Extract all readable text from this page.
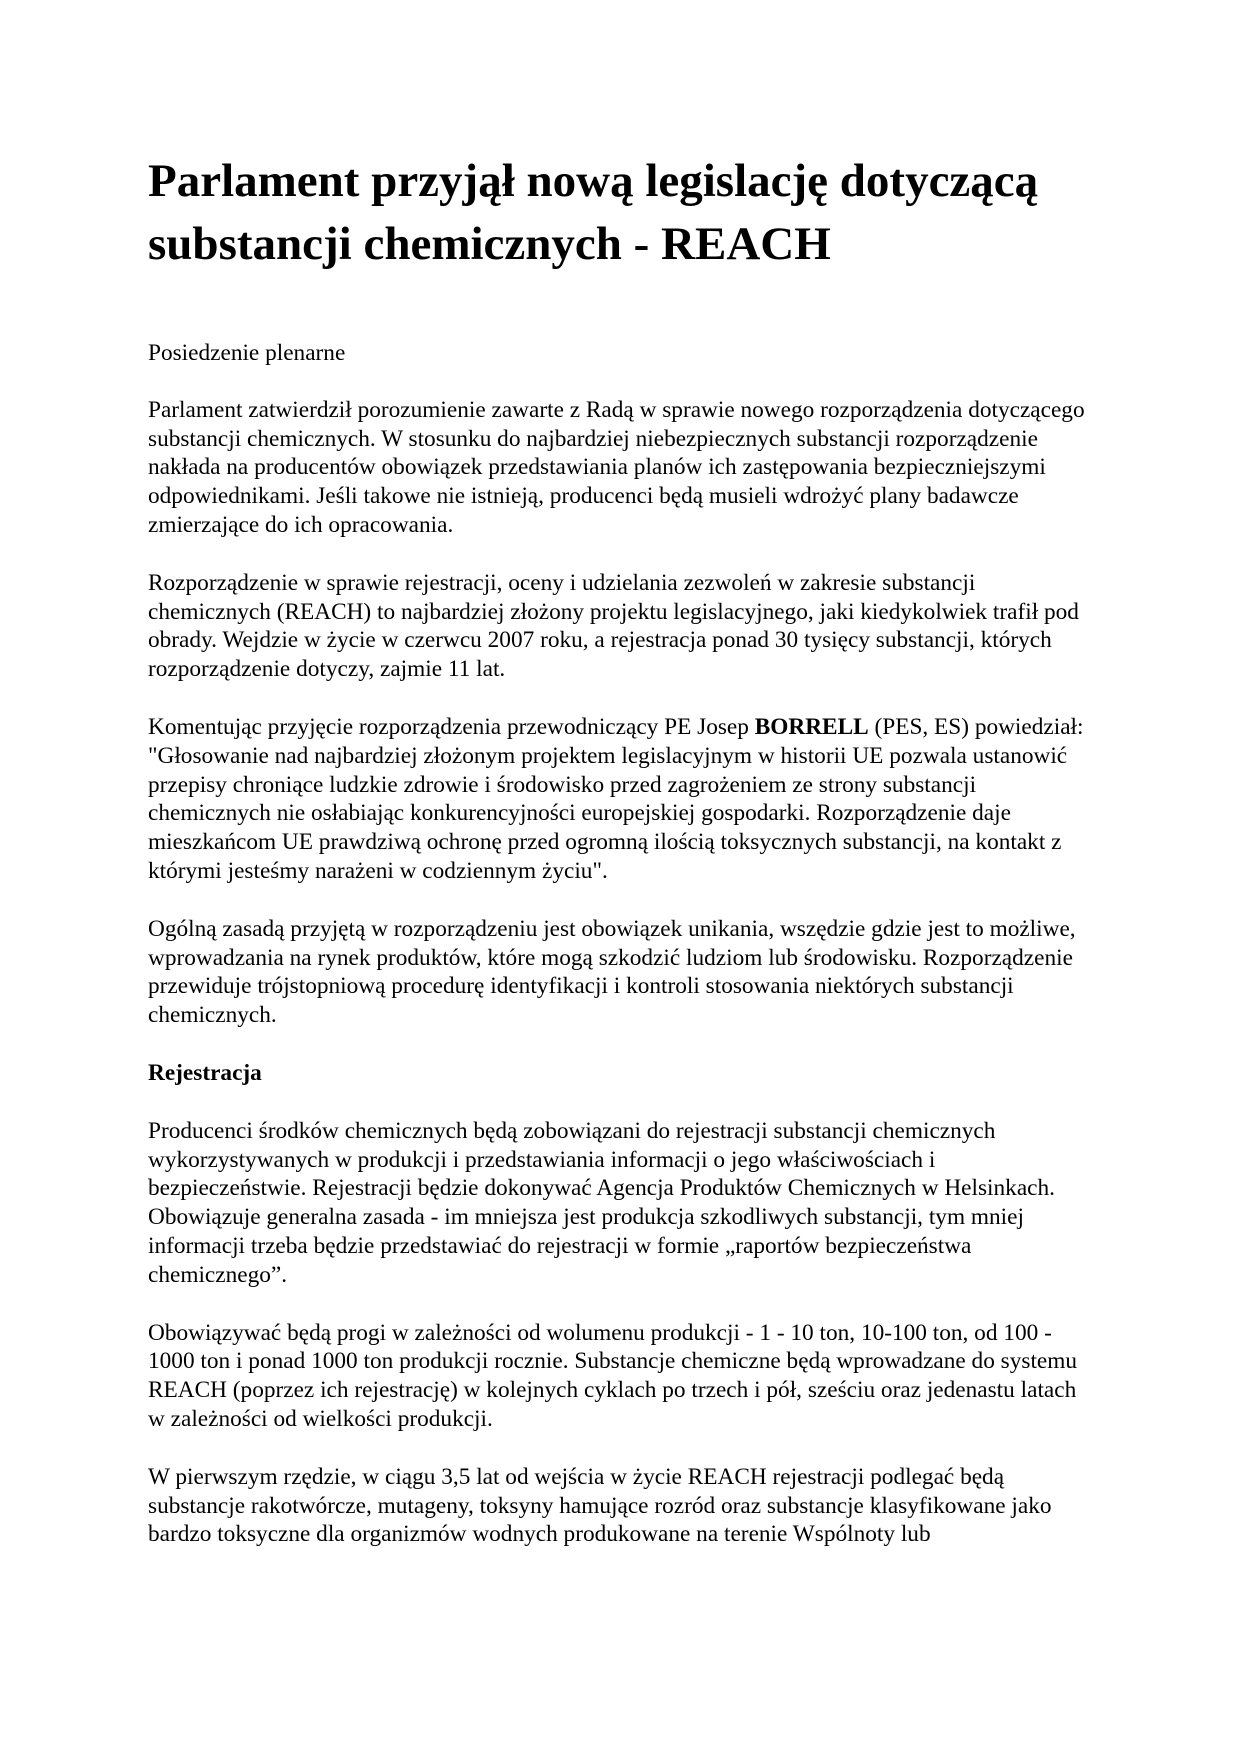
Parlament przyjął nową legislację dotyczącą substancji chemicznych - REACH

Posiedzenie plenarne

Parlament zatwierdził porozumienie zawarte z Radą w sprawie nowego rozporządzenia dotyczącego substancji chemicznych. W stosunku do najbardziej niebezpiecznych substancji rozporządzenie nakłada na producentów obowiązek przedstawiania planów ich zastępowania bezpieczniejszymi odpowiednikami. Jeśli takowe nie istnieją, producenci będą musieli wdrożyć plany badawcze zmierzające do ich opracowania.

Rozporządzenie w sprawie rejestracji, oceny i udzielania zezwoleń w zakresie substancji chemicznych (REACH) to najbardziej złożony projektu legislacyjnego, jaki kiedykolwiek trafił pod obrady. Wejdzie w życie w czerwcu 2007 roku, a rejestracja ponad 30 tysięcy substancji, których rozporządzenie dotyczy, zajmie 11 lat.

Komentując przyjęcie rozporządzenia przewodniczący PE Josep BORRELL (PES, ES) powiedział: "Głosowanie nad najbardziej złożonym projektem legislacyjnym w historii UE pozwala ustanowić przepisy chroniące ludzkie zdrowie i środowisko przed zagrożeniem ze strony substancji chemicznych nie osłabiając konkurencyjności europejskiej gospodarki. Rozporządzenie daje mieszkańcom UE prawdziwą ochronę przed ogromną ilością toksycznych substancji, na kontakt z którymi jesteśmy narażeni w codziennym życiu".

Ogólną zasadą przyjętą w rozporządzeniu jest obowiązek unikania, wszędzie gdzie jest to możliwe, wprowadzania na rynek produktów, które mogą szkodzić ludziom lub środowisku. Rozporządzenie przewiduje trójstopniową procedurę identyfikacji i kontroli stosowania niektórych substancji chemicznych.

Rejestracja

Producenci środków chemicznych będą zobowiązani do rejestracji substancji chemicznych wykorzystywanych w produkcji i przedstawiania informacji o jego właściwościach i bezpieczeństwie. Rejestracji będzie dokonywać Agencja Produktów Chemicznych w Helsinkach. Obowiązuje generalna zasada - im mniejsza jest produkcja szkodliwych substancji, tym mniej informacji trzeba będzie przedstawiać do rejestracji w formie „raportów bezpieczeństwa chemicznego”.

Obowiązywać będą progi w zależności od wolumenu produkcji - 1 - 10 ton, 10-100 ton, od 100 - 1000 ton i ponad 1000 ton produkcji rocznie. Substancje chemiczne będą wprowadzane do systemu REACH (poprzez ich rejestrację) w kolejnych cyklach po trzech i pół, sześciu oraz jedenastu latach w zależności od wielkości produkcji.

W pierwszym rzędzie, w ciągu 3,5 lat od wejścia w życie REACH rejestracji podlegać będą substancje rakotwórcze, mutageny, toksyny hamujące rozród oraz substancje klasyfikowane jako bardzo toksyczne dla organizmów wodnych produkowane na terenie Wspólnoty lub
